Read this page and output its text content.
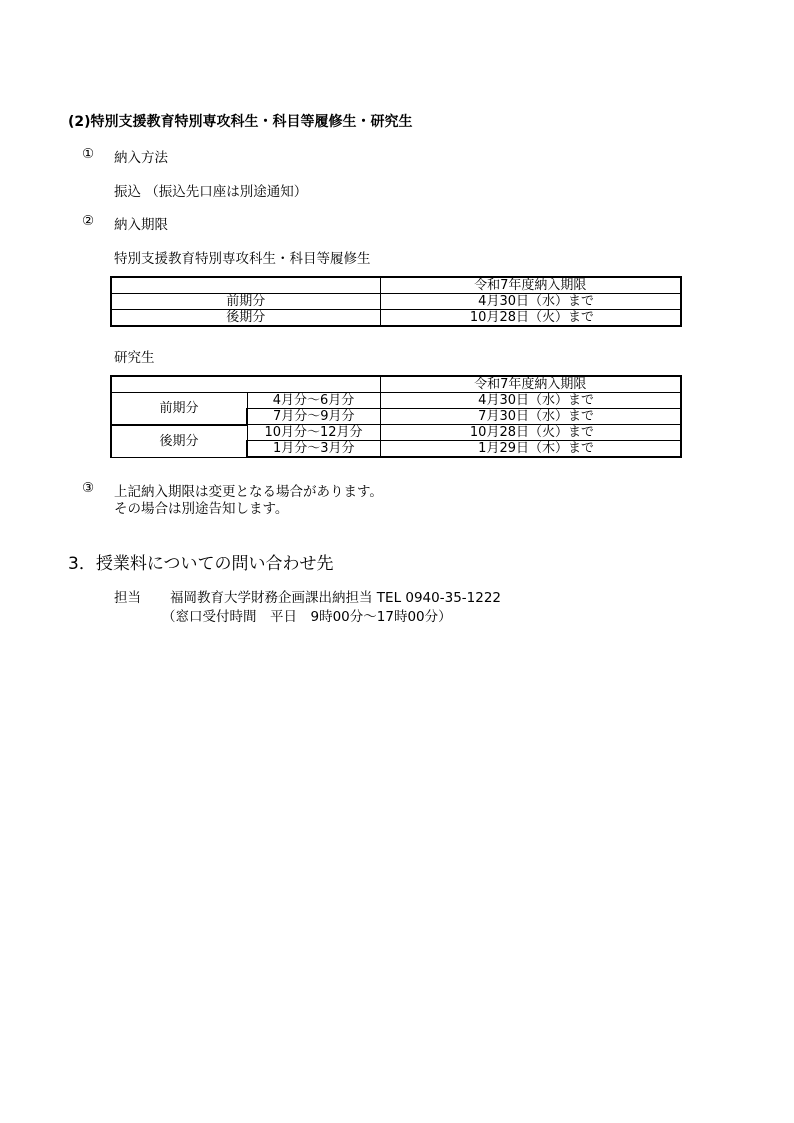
(2)特別支援教育特別専攻科生・科目等履修生・研究生
① 納入方法
振込 （振込先口座は別途通知）
② 納入期限
特別支援教育特別専攻科生・科目等履修生
	令和7年度納入期限
前期分	4月30日（水）まで
後期分	10月28日（火）まで
研究生
		令和7年度納入期限
前期分	4月分～6月分	4月30日（水）まで
	7月分～9月分	7月30日（水）まで
後期分	10月分～12月分	10月28日（火）まで
	1月分～3月分	1月29日（木）まで
③ 上記納入期限は変更となる場合があります。
その場合は別途告知します。
3．授業料についての問い合わせ先
担当 福岡教育大学財務企画課出納担当 TEL 0940-35-1222
（窓口受付時間　平日　9時00分～17時00分）
